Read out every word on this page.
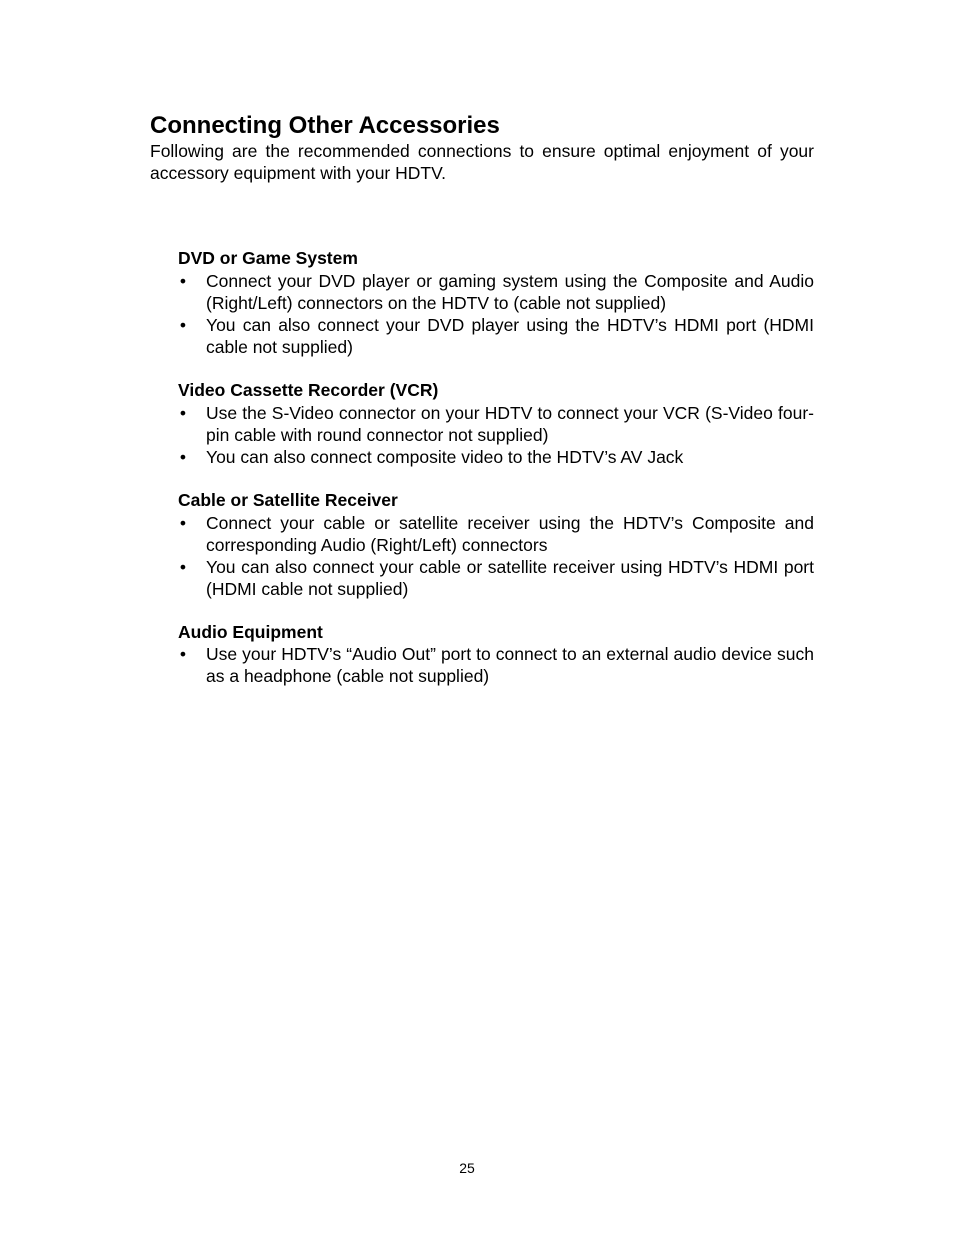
Connecting Other Accessories

Following are the recommended connections to ensure optimal enjoyment of your accessory equipment with your HDTV.

DVD or Game System
• Connect your DVD player or gaming system using the Composite and Audio (Right/Left) connectors on the HDTV to (cable not supplied)
• You can also connect your DVD player using the HDTV’s HDMI port (HDMI cable not supplied)
Video Cassette Recorder (VCR)
• Use the S-Video connector on your HDTV to connect your VCR (S-Video four-pin cable with round connector not supplied)
• You can also connect composite video to the HDTV’s AV Jack
Cable or Satellite Receiver
• Connect your cable or satellite receiver using the HDTV’s Composite and corresponding Audio (Right/Left) connectors
• You can also connect your cable or satellite receiver using HDTV’s HDMI port (HDMI cable not supplied)
Audio Equipment
• Use your HDTV’s “Audio Out” port to connect to an external audio device such as a headphone (cable not supplied)
25
